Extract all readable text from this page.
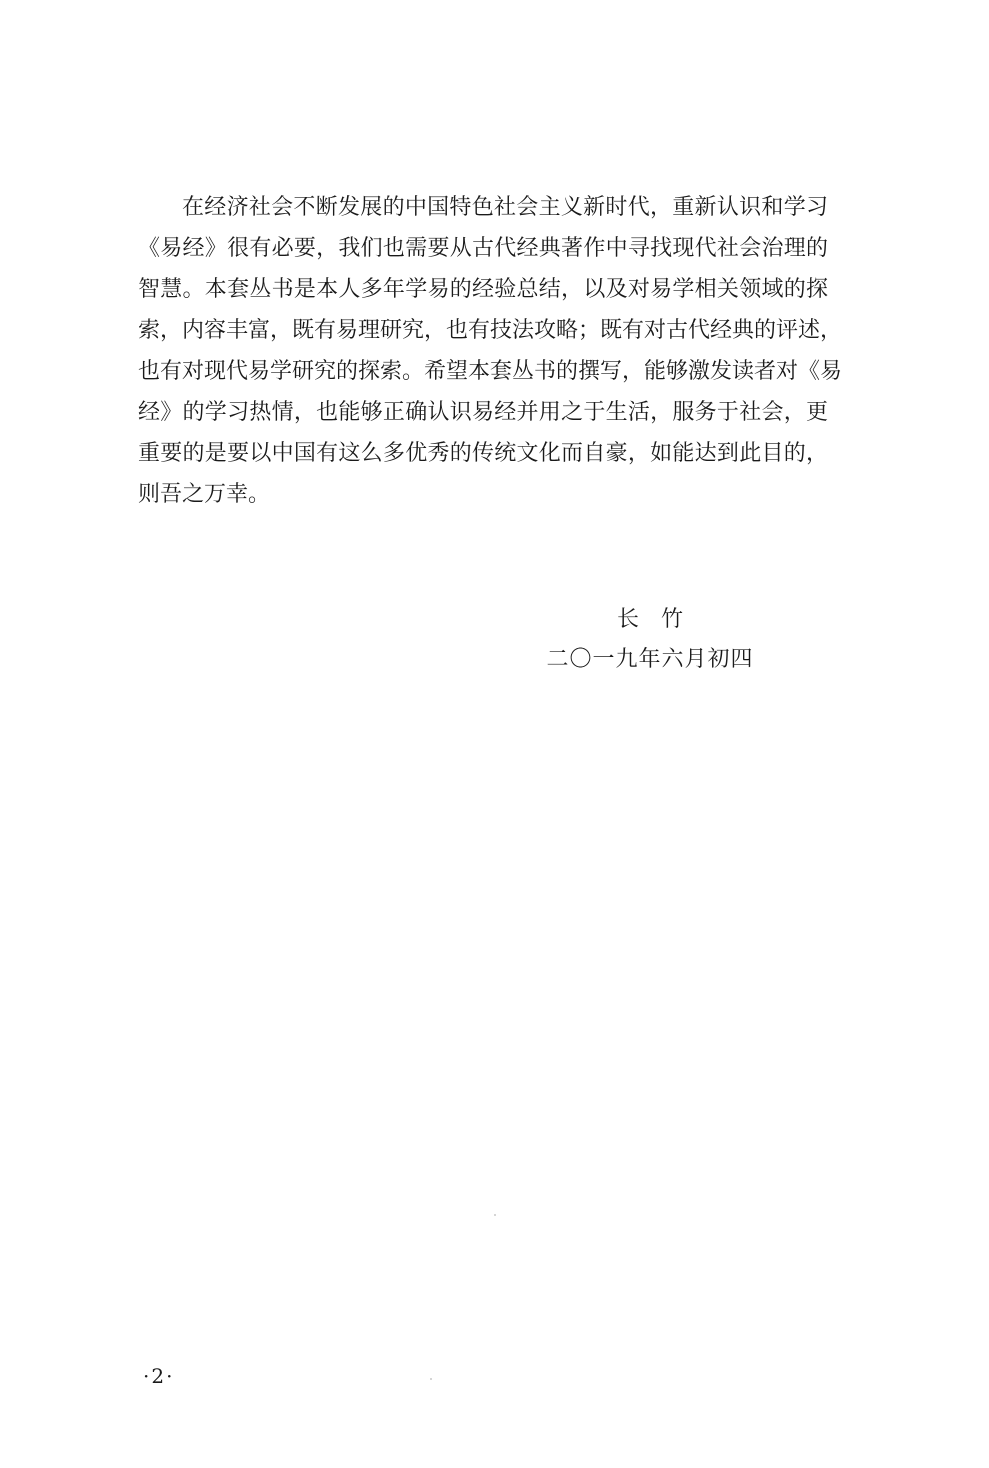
在经济社会不断发展的中国特色社会主义新时代，重新认识和学习
《易经》很有必要，我们也需要从古代经典著作中寻找现代社会治理的
智慧。本套丛书是本人多年学易的经验总结，以及对易学相关领域的探
索，内容丰富，既有易理研究，也有技法攻略；既有对古代经典的评述，
也有对现代易学研究的探索。希望本套丛书的撰写，能够激发读者对《易
经》的学习热情，也能够正确认识易经并用之于生活，服务于社会，更
重要的是要以中国有这么多优秀的传统文化而自豪，如能达到此目的，
则吾之万幸。
长竹
二〇一九年六月初四
·2·
